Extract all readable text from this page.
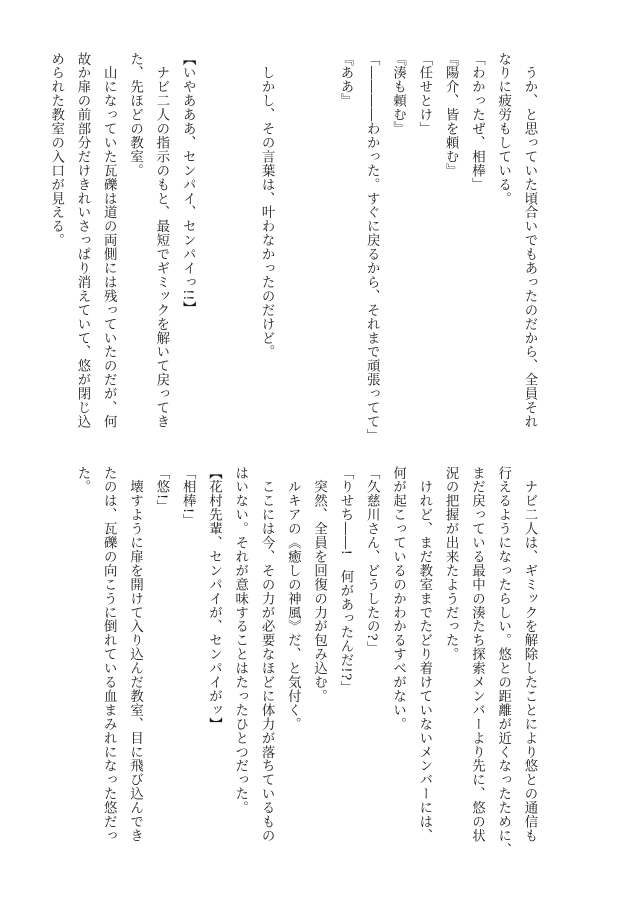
　うか、と思っていた頃合いでもあったのだから、全員それ
なりに疲労もしている。
「わかったぜ、相棒」
『陽介、皆を頼む』
「任せとけ」
『湊も頼む』
「――――わかった。すぐに戻るから、それまで頑張ってて」
『ああ』
　しかし、その言葉は、叶わなかったのだけど。
【いやあああ、センパイ、センパイっ!!】
　ナビ二人の指示のもと、最短でギミックを解いて戻ってき
た、先ほどの教室。
　山になっていた瓦礫は道の両側には残っていたのだが、何
故か扉の前部分だけきれいさっぱり消えていて、悠が閉じ込
められた教室の入口が見える。
　ナビ二人は、ギミックを解除したことにより悠との通信も
行えるようになったらしい。悠との距離が近くなったために、
まだ戻っている最中の湊たち探索メンバーより先に、悠の状
況の把握が出来たようだった。
　けれど、まだ教室までたどり着けていないメンバーには、
何が起こっているのかわかるすべがない。
「久慈川さん、どうしたの?」
「りせち――!　何があったんだ!?」
　突然、全員を回復の力が包み込む。
　ルキアの《癒しの神風》だ、と気付く。
　ここには今、その力が必要なほどに体力が落ちているもの
はいない。それが意味することはたったひとつだった。
【花村先輩、センパイが、センパイがッ】
「相棒!」
「悠!」
　壊すように扉を開けて入り込んだ教室、目に飛び込んでき
たのは、瓦礫の向こうに倒れている血まみれになった悠だっ
た。
